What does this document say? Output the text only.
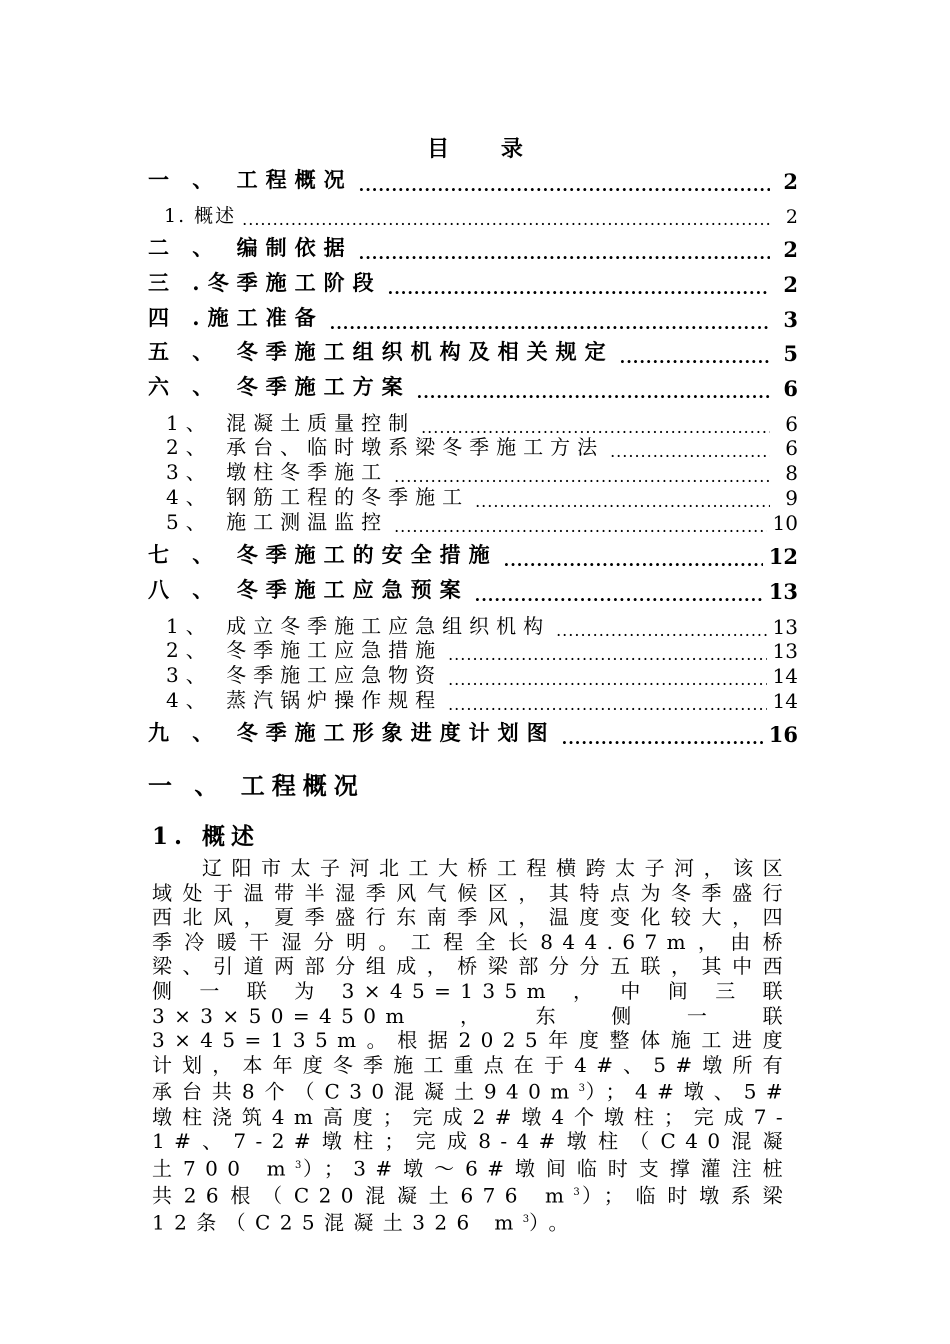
目 录
一 、 工程概况 .....	2
1. 概述 .....	2
二 、 编制依据 .....	2
三 .冬季施工阶段 .....	2
四 .施工准备 .....	3
五 、 冬季施工组织机构及相关规定 .....	5
六 、 冬季施工方案 .....	6
1、 混凝土质量控制 .....	6
2、 承台、临时墩系梁冬季施工方法 .....	6
3、 墩柱冬季施工 .....	8
4、 钢筋工程的冬季施工 .....	9
5、 施工测温监控 .....	10
七 、 冬季施工的安全措施 .....	12
八 、 冬季施工应急预案 .....	13
1、 成立冬季施工应急组织机构 .....	13
2、 冬季施工应急措施 .....	13
3、 冬季施工应急物资 .....	14
4、 蒸汽锅炉操作规程 .....	14
九 、 冬季施工形象进度计划图 .....	16
一 、 工程概况
1. 概述
辽阳市太子河北工大桥工程横跨太子河，该区域处于温带半湿季风气候区，其特点为冬季盛行西北风，夏季盛行东南季风，温度变化较大，四季冷暖干湿分明。工程全长844.67m，由桥梁、引道两部分组成，桥梁部分分五联，其中西侧一联为3×45=135m，中间三联3×3×50=450m，东侧一联3×45=135m。根据2025年度整体施工进度计划，本年度冬季施工重点在于4#、5#墩所有承台共8个（C30混凝土$940m^3$）；4#墩、5#墩柱浇筑4m高度；完成2#墩4个墩柱；完成7-1#、7-2#墩柱；完成8-4#墩柱（C40混凝土700 $m^3$）；3#墩～6#墩间临时支撑灌注桩共26根（C20混凝土676 $m^3$）；临时墩系梁12条（C25混凝土326 $m^3$）。
